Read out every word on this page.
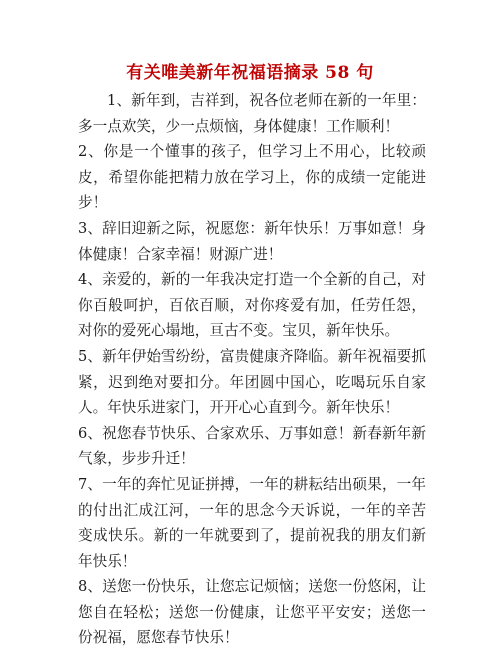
有关唯美新年祝福语摘录 58 句

1、新年到，吉祥到，祝各位老师在新的一年里：多一点欢笑，少一点烦恼，身体健康！工作顺利！

2、你是一个懂事的孩子，但学习上不用心，比较顽皮，希望你能把精力放在学习上，你的成绩一定能进步！

3、辞旧迎新之际，祝愿您：新年快乐！万事如意！身体健康！合家幸福！财源广进！

4、亲爱的，新的一年我决定打造一个全新的自己，对你百般呵护，百依百顺，对你疼爱有加，任劳任怨，对你的爱死心塌地，亘古不变。宝贝，新年快乐。

5、新年伊始雪纷纷，富贵健康齐降临。新年祝福要抓紧，迟到绝对要扣分。年团圆中国心，吃喝玩乐自家人。年快乐进家门，开开心心直到今。新年快乐！

6、祝您春节快乐、合家欢乐、万事如意！新春新年新气象，步步升迁！

7、一年的奔忙见证拼搏，一年的耕耘结出硕果，一年的付出汇成江河，一年的思念今天诉说，一年的辛苦变成快乐。新的一年就要到了，提前祝我的朋友们新年快乐！

8、送您一份快乐，让您忘记烦恼；送您一份悠闲，让您自在轻松；送您一份健康，让您平平安安；送您一份祝福，愿您春节快乐！
